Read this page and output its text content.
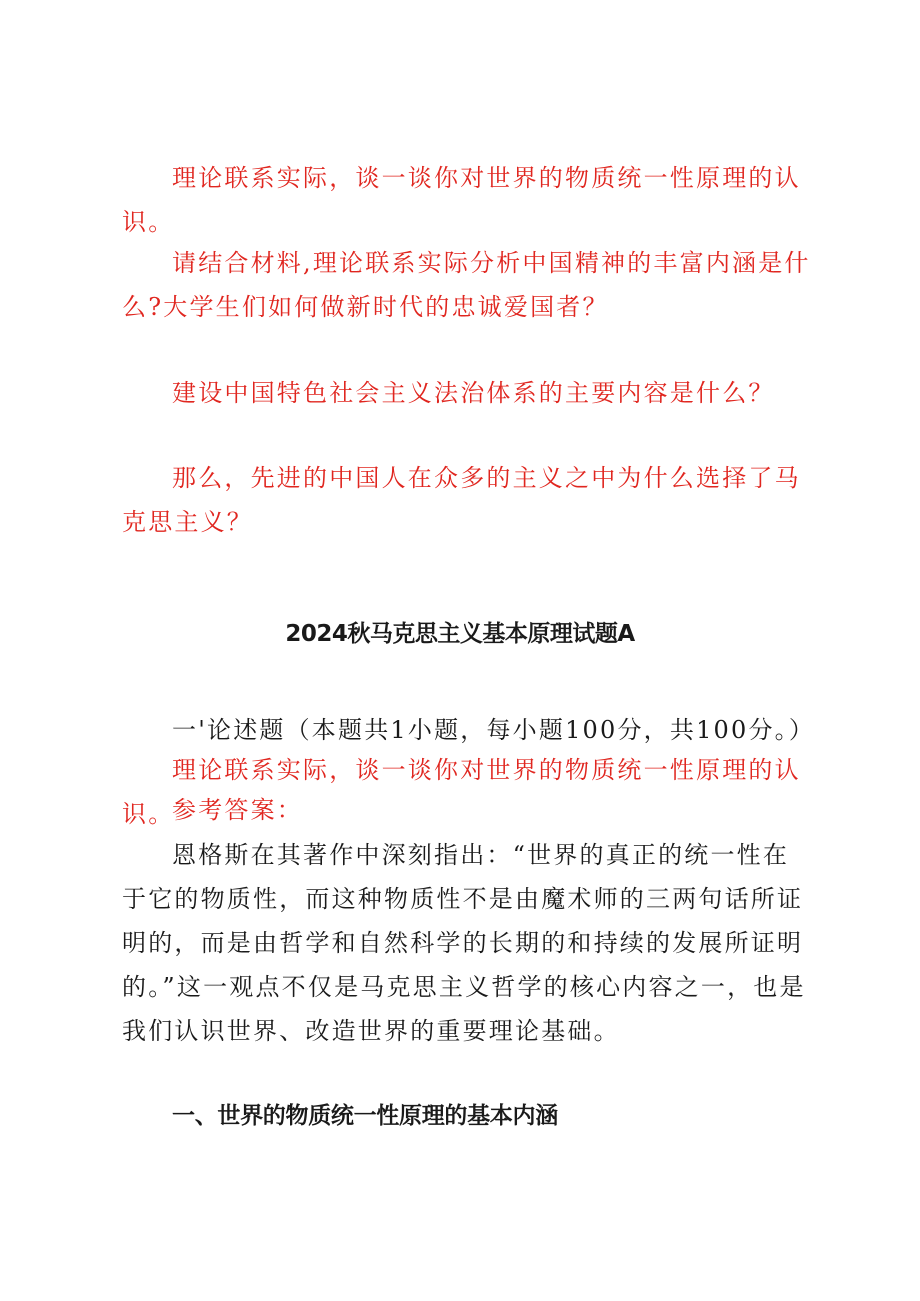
理论联系实际，谈一谈你对世界的物质统一性原理的认识。

请结合材料,理论联系实际分析中国精神的丰富内涵是什么?大学生们如何做新时代的忠诚爱国者？

建设中国特色社会主义法治体系的主要内容是什么？

那么，先进的中国人在众多的主义之中为什么选择了马克思主义？

2024秋马克思主义基本原理试题A

一'论述题（本题共1小题，每小题100分，共100分。）

理论联系实际，谈一谈你对世界的物质统一性原理的认识。

参考答案：

恩格斯在其著作中深刻指出：“世界的真正的统一性在于它的物质性，而这种物质性不是由魔术师的三两句话所证明的，而是由哲学和自然科学的长期的和持续的发展所证明的。”这一观点不仅是马克思主义哲学的核心内容之一，也是我们认识世界、改造世界的重要理论基础。

一、世界的物质统一性原理的基本内涵
